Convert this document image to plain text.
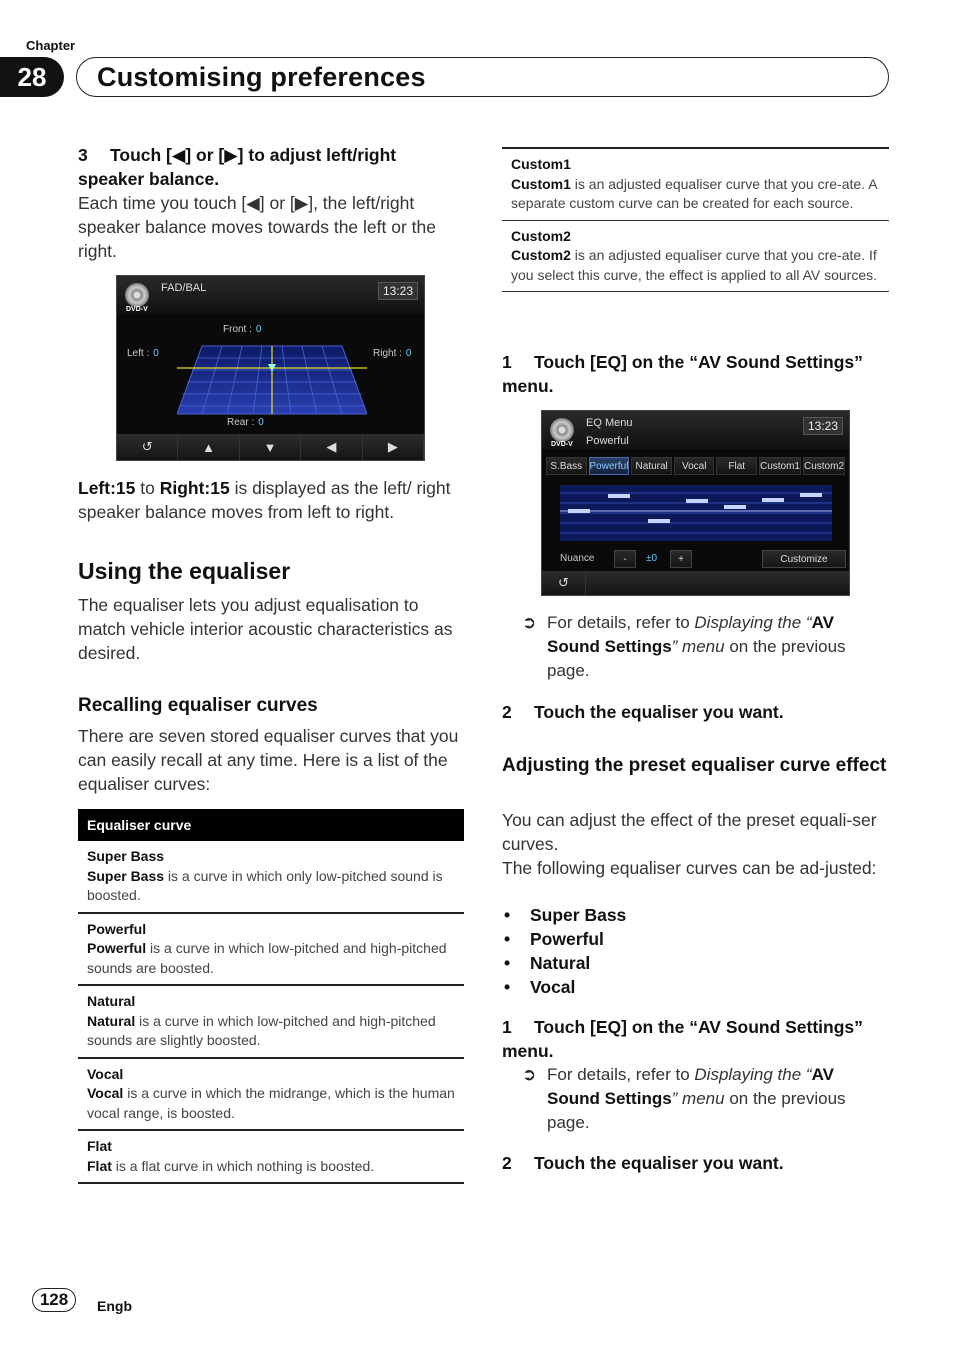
Chapter
28	Customising preferences
3 Touch [◀] or [▶] to adjust left/right speaker balance.
Each time you touch [◀] or [▶], the left/right speaker balance moves towards the left or the right.
DVD-V
FAD/BAL	13:23
Front : 0
Left : 0	Right : 0
Rear : 0
↺	▲	▼	◀	▶
Left:15 to Right:15 is displayed as the left/ right speaker balance moves from left to right.
Using the equaliser
The equaliser lets you adjust equalisation to match vehicle interior acoustic characteristics as desired.
Recalling equaliser curves
There are seven stored equaliser curves that you can easily recall at any time. Here is a list of the equaliser curves:
Equaliser curve
Super Bass
Super Bass is a curve in which only low-pitched sound is boosted.
Powerful
Powerful is a curve in which low-pitched and high-pitched sounds are boosted.
Natural
Natural is a curve in which low-pitched and high-pitched sounds are slightly boosted.
Vocal
Vocal is a curve in which the midrange, which is the human vocal range, is boosted.
Flat
Flat is a flat curve in which nothing is boosted.
Custom1
Custom1 is an adjusted equaliser curve that you cre-ate. A separate custom curve can be created for each source.
Custom2
Custom2 is an adjusted equaliser curve that you cre-ate. If you select this curve, the effect is applied to all AV sources.
1 Touch [EQ] on the “AV Sound Settings” menu.
DVD-V
EQ Menu
Powerful
13:23
S.Bass Powerful Natural	Vocal	Flat	Custom1 Custom2
Nuance	-	±0	+	Customize
↺
➲ For details, refer to Displaying the “AV Sound Settings” menu on the previous page.
2 Touch the equaliser you want.
Adjusting the preset equaliser curve effect
You can adjust the effect of the preset equali-ser curves.
The following equaliser curves can be ad-justed:
• Super Bass
• Powerful
• Natural
• Vocal
1 Touch [EQ] on the “AV Sound Settings” menu.
➲ For details, refer to Displaying the “AV Sound Settings” menu on the previous page.
2 Touch the equaliser you want.
128	Engb
